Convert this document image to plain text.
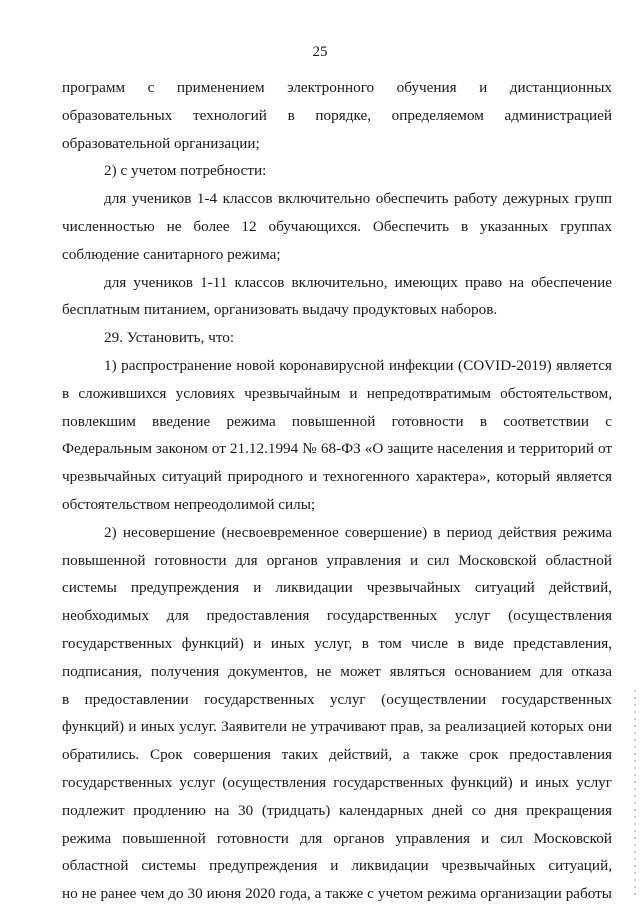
25
программ с применением электронного обучения и дистанционных
образовательных технологий в порядке, определяемом администрацией
образовательной организации;
2) с учетом потребности:
для учеников 1-4 классов включительно обеспечить работу дежурных групп
численностью не более 12 обучающихся. Обеспечить в указанных группах
соблюдение санитарного режима;
для учеников 1-11 классов включительно, имеющих право на обеспечение
бесплатным питанием, организовать выдачу продуктовых наборов.
29. Установить, что:
1) распространение новой коронавирусной инфекции (COVID-2019) является
в сложившихся условиях чрезвычайным и непредотвратимым обстоятельством,
повлекшим введение режима повышенной готовности в соответствии с
Федеральным законом от 21.12.1994 № 68-ФЗ «О защите населения и территорий от
чрезвычайных ситуаций природного и техногенного характера», который является
обстоятельством непреодолимой силы;
2) несовершение (несвоевременное совершение) в период действия режима
повышенной готовности для органов управления и сил Московской областной
системы предупреждения и ликвидации чрезвычайных ситуаций действий,
необходимых для предоставления государственных услуг (осуществления
государственных функций) и иных услуг, в том числе в виде представления,
подписания, получения документов, не может являться основанием для отказа
в предоставлении государственных услуг (осуществлении государственных
функций) и иных услуг. Заявители не утрачивают прав, за реализацией которых они
обратились. Срок совершения таких действий, а также срок предоставления
государственных услуг (осуществления государственных функций) и иных услуг
подлежит продлению на 30 (тридцать) календарных дней со дня прекращения
режима повышенной готовности для органов управления и сил Московской
областной системы предупреждения и ликвидации чрезвычайных ситуаций,
но не ранее чем до 30 июня 2020 года, а также с учетом режима организации работы
